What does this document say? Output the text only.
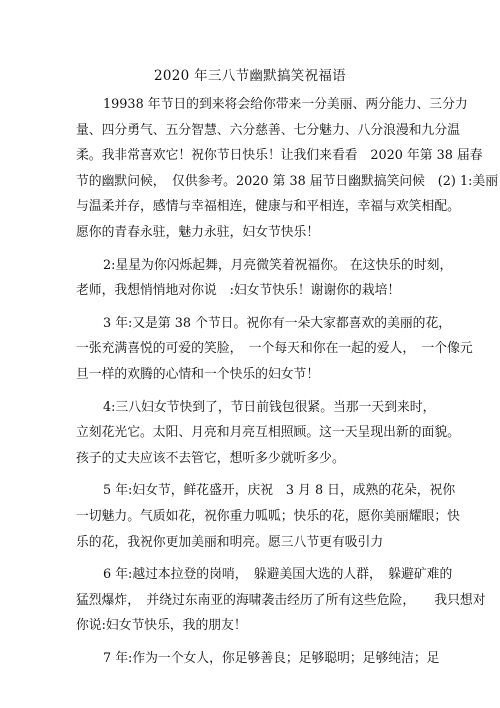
2020 年三八节幽默搞笑祝福语
19938 年节日的到来将会给你带来一分美丽、两分能力、三分力
量、四分勇气、五分智慧、六分慈善、七分魅力、八分浪漫和九分温
柔。我非常喜欢它！祝你节日快乐！让我们来看看　2020 年第 38 届春
节的幽默问候，　仅供参考。2020 第 38 届节日幽默搞笑问候　(2) 1:美丽
与温柔并存，感情与幸福相连，健康与和平相连，幸福与欢笑相配。
愿你的青春永驻，魅力永驻，妇女节快乐！
2:星星为你闪烁起舞，月亮微笑着祝福你。 在这快乐的时刻，
老师，我想悄悄地对你说　:妇女节快乐！谢谢你的栽培！
3 年:又是第 38 个节日。祝你有一朵大家都喜欢的美丽的花，
一张充满喜悦的可爱的笑脸，　一个每天和你在一起的爱人，　一个像元
旦一样的欢腾的心情和一个快乐的妇女节！
4:三八妇女节快到了，节日前钱包很紧。当那一天到来时，
立刻花光它。太阳、月亮和月亮互相照顾。这一天呈现出新的面貌。
孩子的丈夫应该不去管它，想听多少就听多少。
5 年:妇女节，鲜花盛开，庆祝　3 月 8 日，成熟的花朵，祝你
一切魅力。气质如花，祝你重力呱呱；快乐的花，愿你美丽耀眼；快
乐的花，我祝你更加美丽和明亮。愿三八节更有吸引力
6 年:越过本拉登的岗哨，　躲避美国大选的人群，　躲避矿难的
猛烈爆炸，　并绕过东南亚的海啸袭击经历了所有这些危险，　　我只想对
你说:妇女节快乐，我的朋友！
7 年:作为一个女人，你足够善良；足够聪明；足够纯洁；足
